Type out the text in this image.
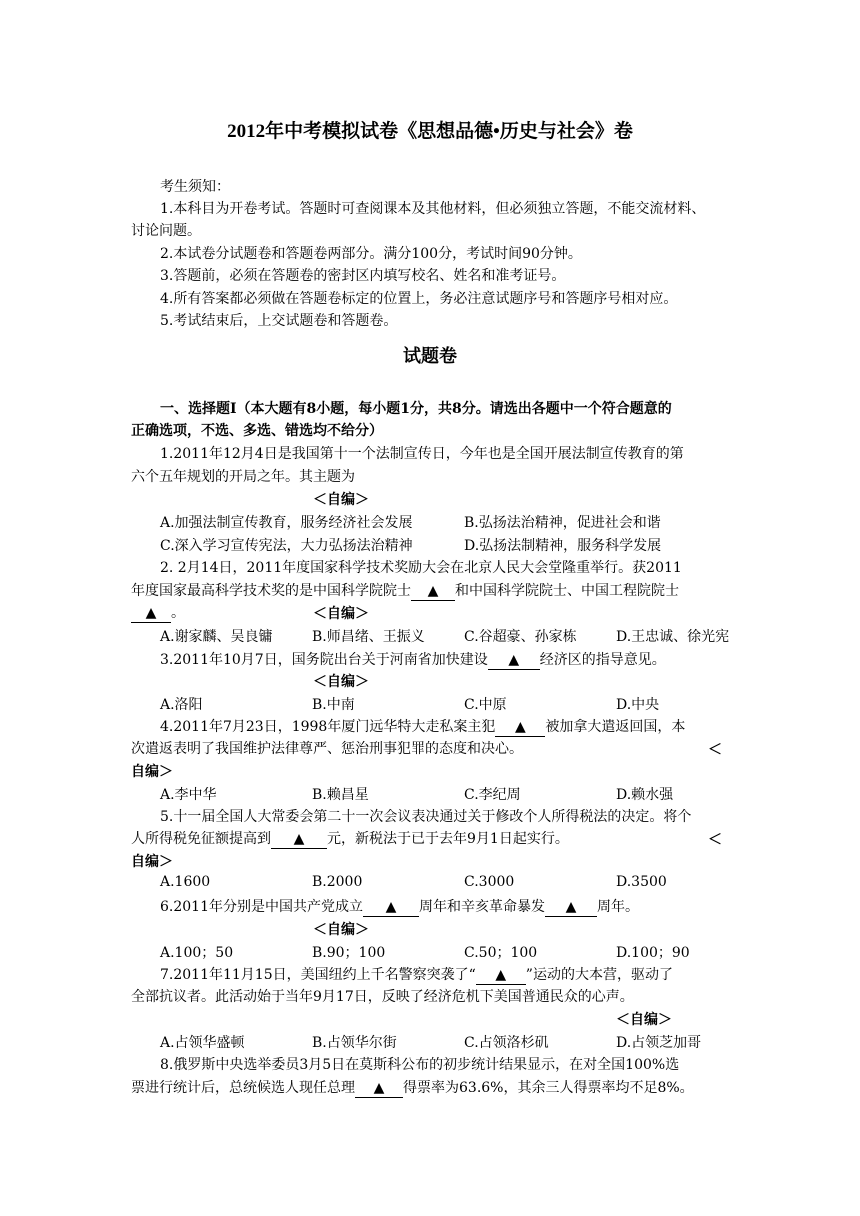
2012年中考模拟试卷《思想品德•历史与社会》卷
考生须知：
1.本科目为开卷考试。答题时可查阅课本及其他材料，但必须独立答题，不能交流材料、
讨论问题。
2.本试卷分试题卷和答题卷两部分。满分100分，考试时间90分钟。
3.答题前，必须在答题卷的密封区内填写校名、姓名和准考证号。
4.所有答案都必须做在答题卷标定的位置上，务必注意试题序号和答题序号相对应。
5.考试结束后，上交试题卷和答题卷。
试题卷
一、选择题Ⅰ（本大题有8小题，每小题1分，共8分。请选出各题中一个符合题意的
正确选项，不选、多选、错选均不给分）
1.2011年12月4日是我国第十一个法制宣传日，今年也是全国开展法制宣传教育的第
六个五年规划的开局之年。其主题为
＜自编＞
A.加强法制宣传教育，服务经济社会发展	B.弘扬法治精神，促进社会和谐
C.深入学习宣传宪法，大力弘扬法治精神	D.弘扬法制精神，服务科学发展
2. 2月14日，2011年度国家科学技术奖励大会在北京人民大会堂隆重举行。获2011
年度国家最高科学技术奖的是中国科学院院士 ▲ 和中国科学院院士、中国工程院院士
▲ 。	＜自编＞
A.谢家麟、吴良镛	B.师昌绪、王振义	C.谷超豪、孙家栋	D.王忠诚、徐光宪
3.2011年10月7日，国务院出台关于河南省加快建设 ▲ 经济区的指导意见。
＜自编＞
A.洛阳	B.中南	C.中原	D.中央
4.2011年7月23日，1998年厦门远华特大走私案主犯 ▲ 被加拿大遣返回国，本
次遣返表明了我国维护法律尊严、惩治刑事犯罪的态度和决心。	＜
自编＞
A.李中华	B.赖昌星	C.李纪周	D.赖水强
5.十一届全国人大常委会第二十一次会议表决通过关于修改个人所得税法的决定。将个
人所得税免征额提高到 ▲ 元，新税法于已于去年9月1日起实行。	＜
自编＞
A.1600	B.2000	C.3000	D.3500
6.2011年分别是中国共产党成立 ▲ 周年和辛亥革命暴发 ▲ 周年。
＜自编＞
A.100；50	B.90；100	C.50；100	D.100；90
7.2011年11月15日，美国纽约上千名警察突袭了“ ▲ ”运动的大本营，驱动了
全部抗议者。此活动始于当年9月17日，反映了经济危机下美国普通民众的心声。
＜自编＞
A.占领华盛顿	B.占领华尔街	C.占领洛杉矶	D.占领芝加哥
8.俄罗斯中央选举委员3月5日在莫斯科公布的初步统计结果显示，在对全国100%选
票进行统计后，总统候选人现任总理 ▲ 得票率为63.6%，其余三人得票率均不足8%。
